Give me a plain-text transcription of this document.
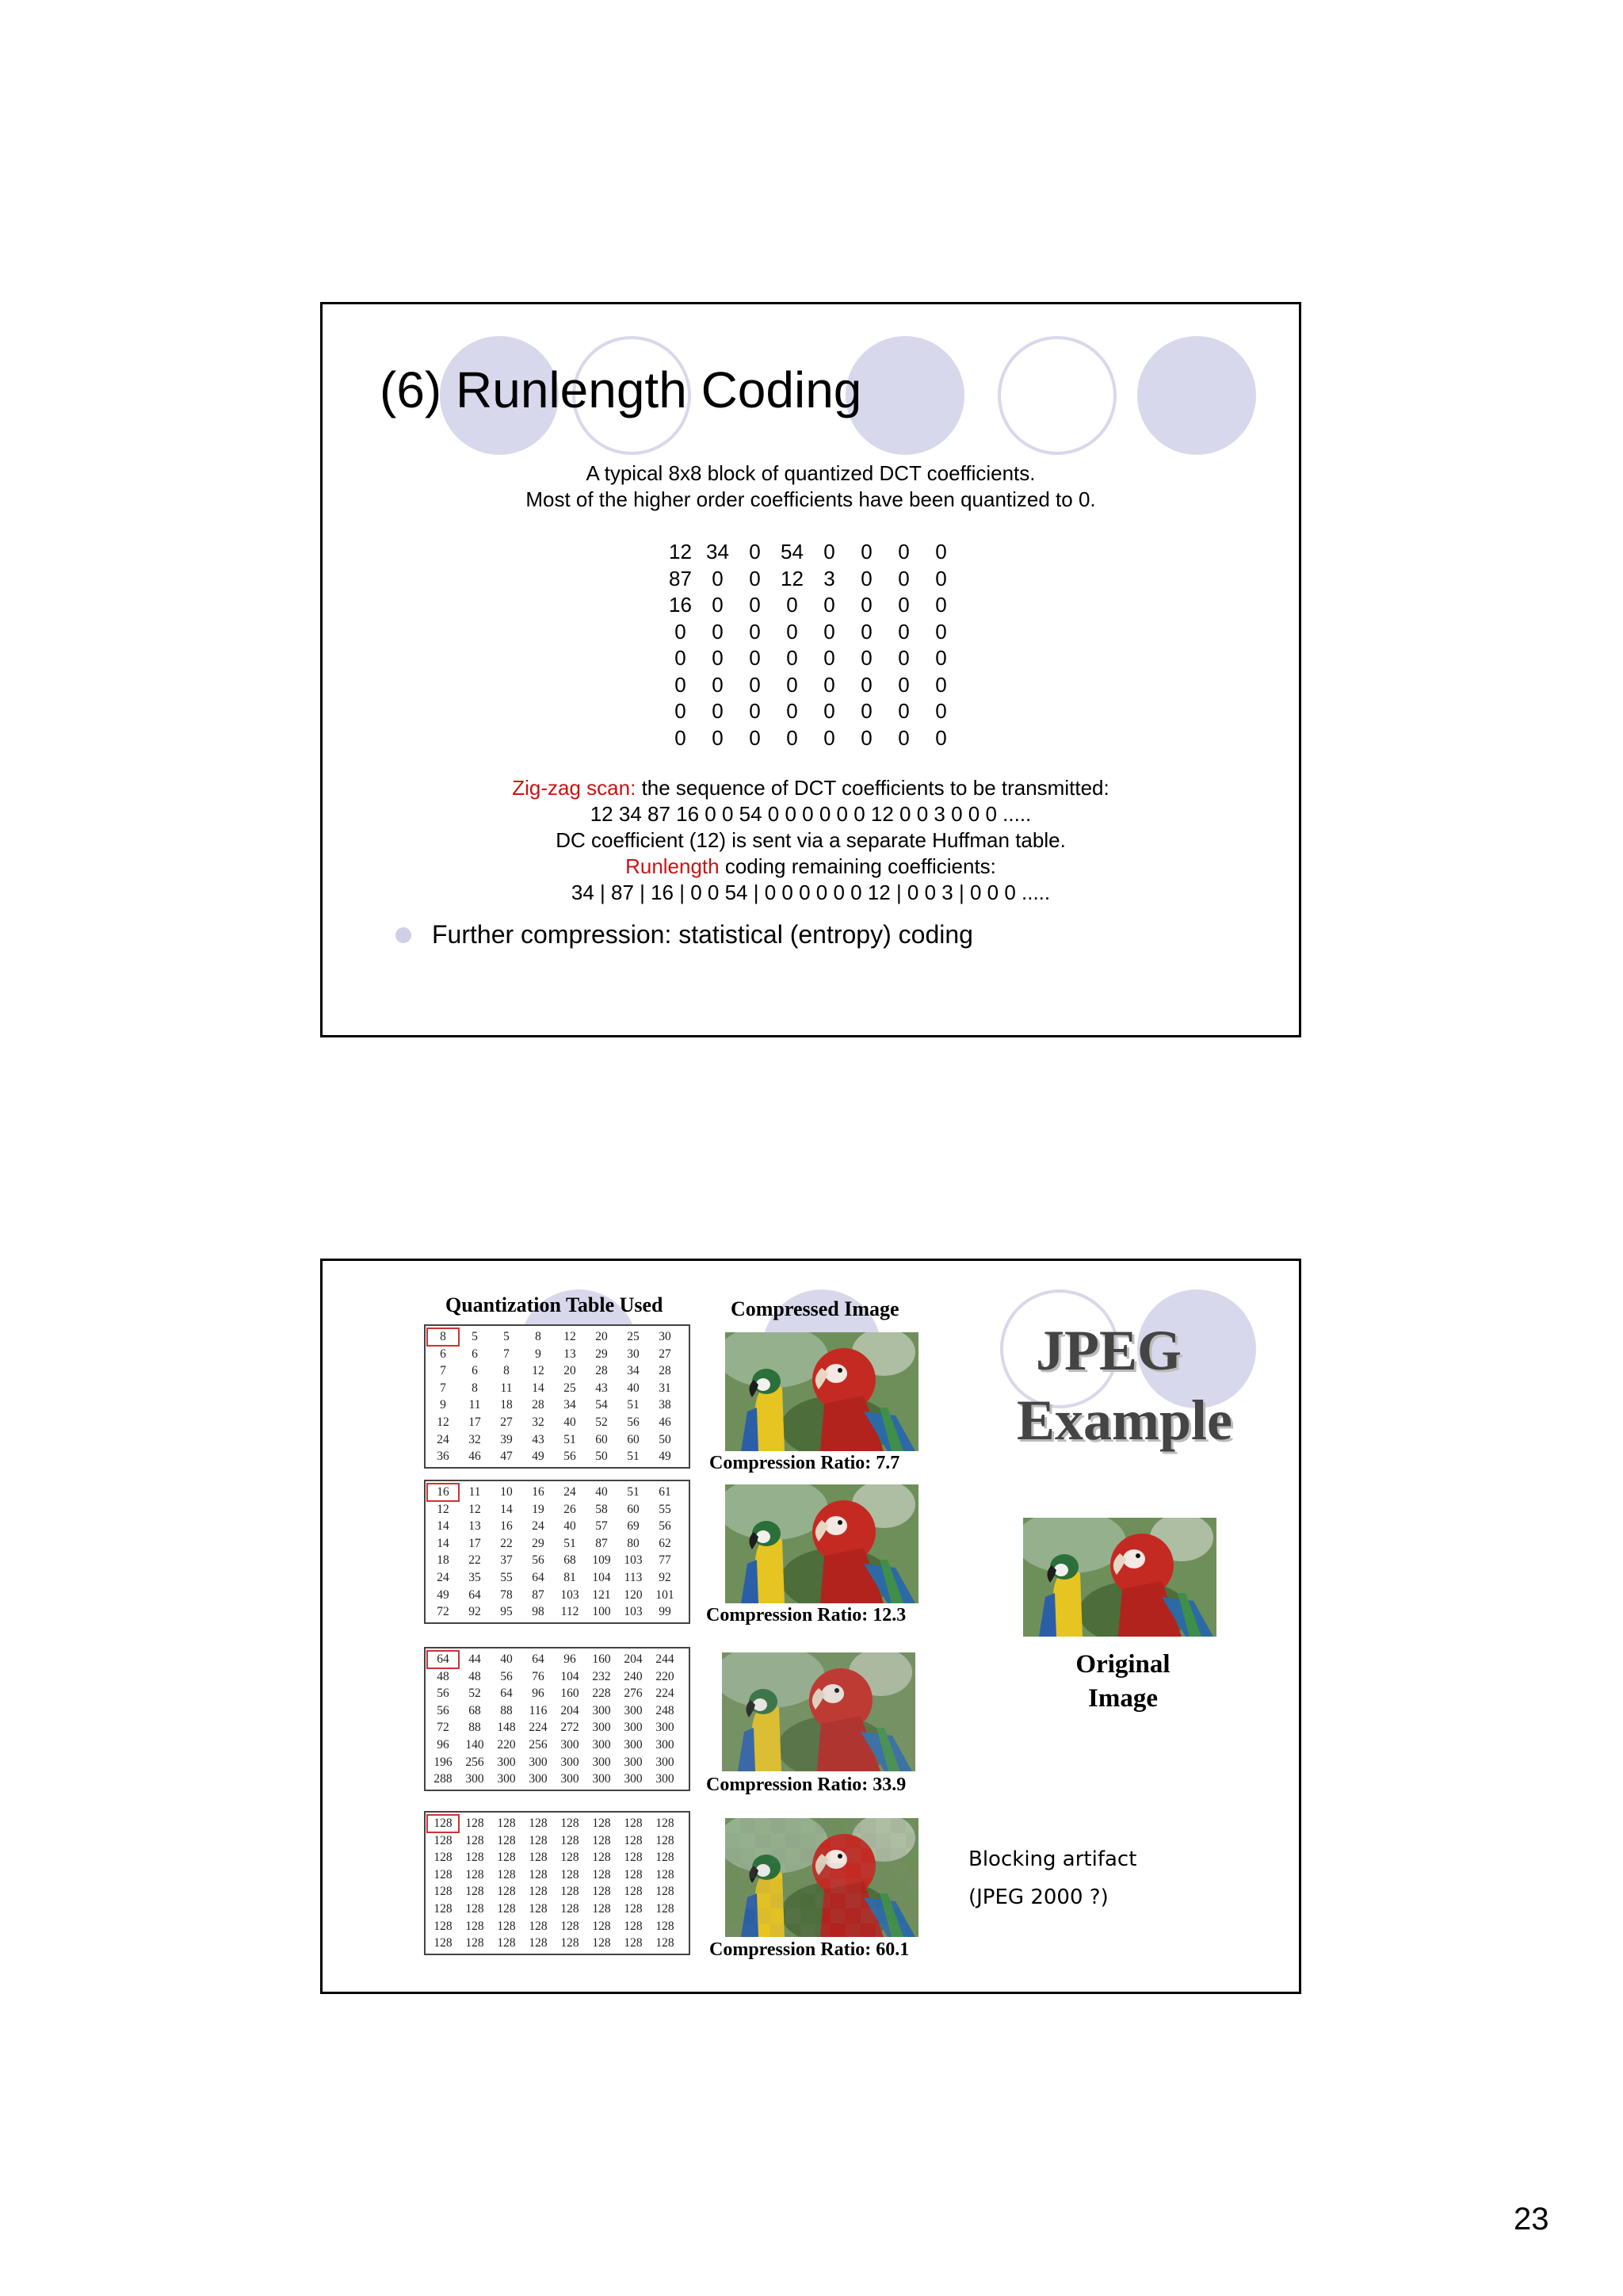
(6) Runlength Coding
A typical 8x8 block of quantized DCT coefficients.
Most of the higher order coefficients have been quantized to 0.
12 34 0 54 0	0	0	0
87 0	0 12 3	0	0	0
16 0	0	0	0	0	0	0
0	0	0	0	0	0	0	0
0	0	0	0	0	0	0	0
0	0	0	0	0	0	0	0
0	0	0	0	0	0	0	0
0	0	0	0	0	0	0	0
Zig-zag scan: the sequence of DCT coefficients to be transmitted:
12 34 87 16 0 0 54 0 0 0 0 0 0 12 0 0 3 0 0 0 .....
DC coefficient (12) is sent via a separate Huffman table.
Runlength coding remaining coefficients:
34 | 87 | 16 | 0 0 54 | 0 0 0 0 0 0 12 | 0 0 3 | 0 0 0 .....
Further compression: statistical (entropy) coding
Quantization Table Used	Compressed Image
8	5	5	8	12	20	25	30
6	6	7	9	13	29	30	27
7	6	8	12	20	28	34	28
7	8	11	14	25	43	40	31
9	11	18	28	34	54	51	38
12	17	27	32	40	52	56	46
24	32	39	43	51	60	60	50
36	46	47	49	56	50	51	49
16	11	10	16	24	40	51	61
12	12	14	19	26	58	60	55
14	13	16	24	40	57	69	56
14	17	22	29	51	87	80	62
18	22	37	56	68	109	103	77
24	35	55	64	81	104	113	92
49	64	78	87	103	121	120	101
72	92	95	98	112	100	103	99
64	44	40	64	96	160	204	244
48	48	56	76	104	232	240	220
56	52	64	96	160	228	276	224
56	68	88	116	204	300	300	248
72	88	148	224	272	300	300	300
96	140	220	256	300	300	300	300
196	256	300	300	300	300	300	300
288	300	300	300	300	300	300	300
128	128	128	128	128	128	128	128
128	128	128	128	128	128	128	128
128	128	128	128	128	128	128	128
128	128	128	128	128	128	128	128
128	128	128	128	128	128	128	128
128	128	128	128	128	128	128	128
128	128	128	128	128	128	128	128
128	128	128	128	128	128	128	128
Compression Ratio: 7.7
Compression Ratio: 12.3
Compression Ratio: 33.9
Compression Ratio: 60.1
JPEG
Example
Original
Image
Blocking artifact
(JPEG 2000 ?)
23
